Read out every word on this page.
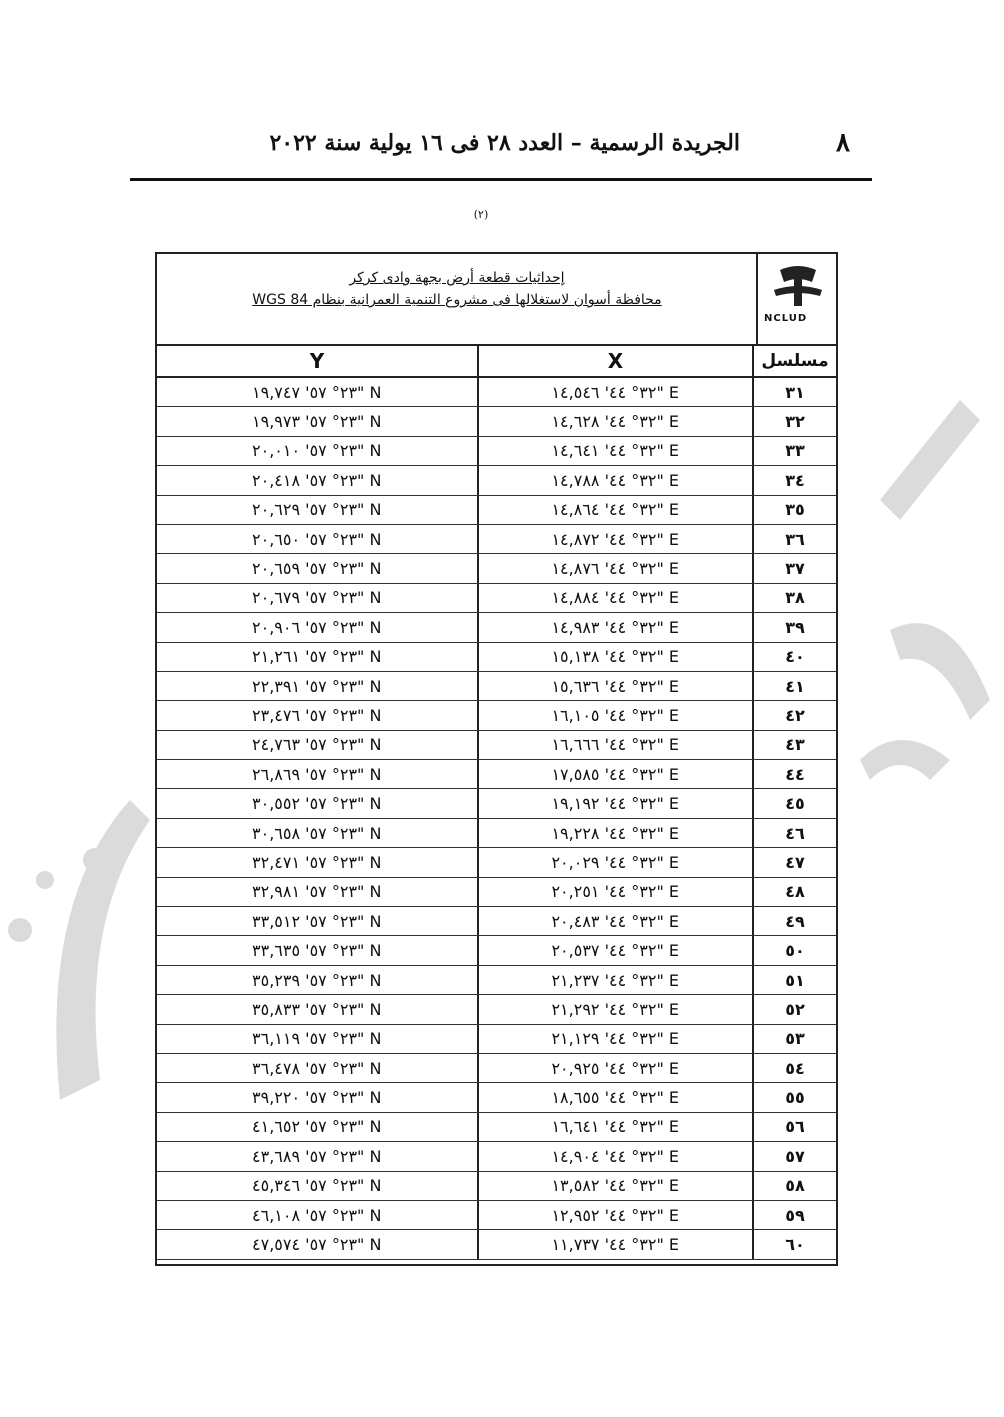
٨
الجريدة الرسمية – العدد ٢٨ فى ١٦ يولية سنة ٢٠٢٢
(٢)
إحداثيات قطعة أرض بجهة وادى كركر
محافظة أسوان لاستغلالها فى مشروع التنمية العمرانية بنظام WGS 84
NCLUD
Y	X	مسلسل
٢٣° ٥٧' ١٩,٧٤٧" N	٣٢° ٤٤' ١٤,٥٤٦" E	٣١
٢٣° ٥٧' ١٩,٩٧٣" N	٣٢° ٤٤' ١٤,٦٢٨" E	٣٢
٢٣° ٥٧' ٢٠,٠١٠" N	٣٢° ٤٤' ١٤,٦٤١" E	٣٣
٢٣° ٥٧' ٢٠,٤١٨" N	٣٢° ٤٤' ١٤,٧٨٨" E	٣٤
٢٣° ٥٧' ٢٠,٦٢٩" N	٣٢° ٤٤' ١٤,٨٦٤" E	٣٥
٢٣° ٥٧' ٢٠,٦٥٠" N	٣٢° ٤٤' ١٤,٨٧٢" E	٣٦
٢٣° ٥٧' ٢٠,٦٥٩" N	٣٢° ٤٤' ١٤,٨٧٦" E	٣٧
٢٣° ٥٧' ٢٠,٦٧٩" N	٣٢° ٤٤' ١٤,٨٨٤" E	٣٨
٢٣° ٥٧' ٢٠,٩٠٦" N	٣٢° ٤٤' ١٤,٩٨٣" E	٣٩
٢٣° ٥٧' ٢١,٢٦١" N	٣٢° ٤٤' ١٥,١٣٨" E	٤٠
٢٣° ٥٧' ٢٢,٣٩١" N	٣٢° ٤٤' ١٥,٦٣٦" E	٤١
٢٣° ٥٧' ٢٣,٤٧٦" N	٣٢° ٤٤' ١٦,١٠٥" E	٤٢
٢٣° ٥٧' ٢٤,٧٦٣" N	٣٢° ٤٤' ١٦,٦٦٦" E	٤٣
٢٣° ٥٧' ٢٦,٨٦٩" N	٣٢° ٤٤' ١٧,٥٨٥" E	٤٤
٢٣° ٥٧' ٣٠,٥٥٢" N	٣٢° ٤٤' ١٩,١٩٢" E	٤٥
٢٣° ٥٧' ٣٠,٦٥٨" N	٣٢° ٤٤' ١٩,٢٢٨" E	٤٦
٢٣° ٥٧' ٣٢,٤٧١" N	٣٢° ٤٤' ٢٠,٠٢٩" E	٤٧
٢٣° ٥٧' ٣٢,٩٨١" N	٣٢° ٤٤' ٢٠,٢٥١" E	٤٨
٢٣° ٥٧' ٣٣,٥١٢" N	٣٢° ٤٤' ٢٠,٤٨٣" E	٤٩
٢٣° ٥٧' ٣٣,٦٣٥" N	٣٢° ٤٤' ٢٠,٥٣٧" E	٥٠
٢٣° ٥٧' ٣٥,٢٣٩" N	٣٢° ٤٤' ٢١,٢٣٧" E	٥١
٢٣° ٥٧' ٣٥,٨٣٣" N	٣٢° ٤٤' ٢١,٢٩٢" E	٥٢
٢٣° ٥٧' ٣٦,١١٩" N	٣٢° ٤٤' ٢١,١٢٩" E	٥٣
٢٣° ٥٧' ٣٦,٤٧٨" N	٣٢° ٤٤' ٢٠,٩٢٥" E	٥٤
٢٣° ٥٧' ٣٩,٢٢٠" N	٣٢° ٤٤' ١٨,٦٥٥" E	٥٥
٢٣° ٥٧' ٤١,٦٥٢" N	٣٢° ٤٤' ١٦,٦٤١" E	٥٦
٢٣° ٥٧' ٤٣,٦٨٩" N	٣٢° ٤٤' ١٤,٩٠٤" E	٥٧
٢٣° ٥٧' ٤٥,٣٤٦" N	٣٢° ٤٤' ١٣,٥٨٢" E	٥٨
٢٣° ٥٧' ٤٦,١٠٨" N	٣٢° ٤٤' ١٢,٩٥٢" E	٥٩
٢٣° ٥٧' ٤٧,٥٧٤" N	٣٢° ٤٤' ١١,٧٣٧" E	٦٠
